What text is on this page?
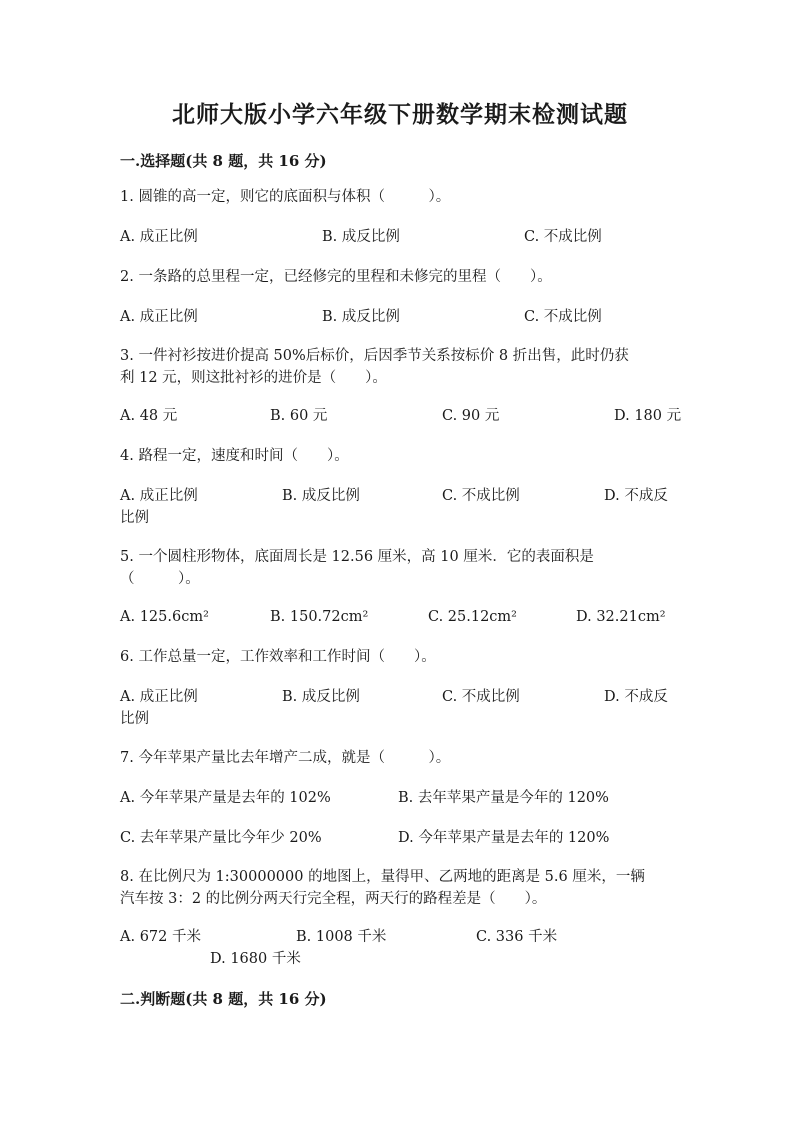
北师大版小学六年级下册数学期末检测试题
一.选择题(共 8 题，共 16 分)
1. 圆锥的高一定，则它的底面积与体积（　　　）。
A. 成正比例	B. 成反比例	C. 不成比例
2. 一条路的总里程一定，已经修完的里程和未修完的里程（　　）。
A. 成正比例	B. 成反比例	C. 不成比例
3. 一件衬衫按进价提高 50%后标价，后因季节关系按标价 8 折出售，此时仍获
利 12 元，则这批衬衫的进价是（　　）。
A. 48 元	B. 60 元	C. 90 元	D. 180 元
4. 路程一定，速度和时间（　　）。
A. 成正比例	B. 成反比例	C. 不成比例	D. 不成反
比例
5. 一个圆柱形物体，底面周长是 12.56 厘米，高 10 厘米．它的表面积是
（　　　）。
A. 125.6cm²	B. 150.72cm²	C. 25.12cm²	D. 32.21cm²
6. 工作总量一定，工作效率和工作时间（　　）。
A. 成正比例	B. 成反比例	C. 不成比例	D. 不成反
比例
7. 今年苹果产量比去年增产二成，就是（　　　）。
A. 今年苹果产量是去年的 102%	B. 去年苹果产量是今年的 120%
C. 去年苹果产量比今年少 20%	D. 今年苹果产量是去年的 120%
8. 在比例尺为 1:30000000 的地图上，量得甲、乙两地的距离是 5.6 厘米，一辆
汽车按 3：2 的比例分两天行完全程，两天行的路程差是（　　）。
A. 672 千米	B. 1008 千米	C. 336 千米
D. 1680 千米
二.判断题(共 8 题，共 16 分)
